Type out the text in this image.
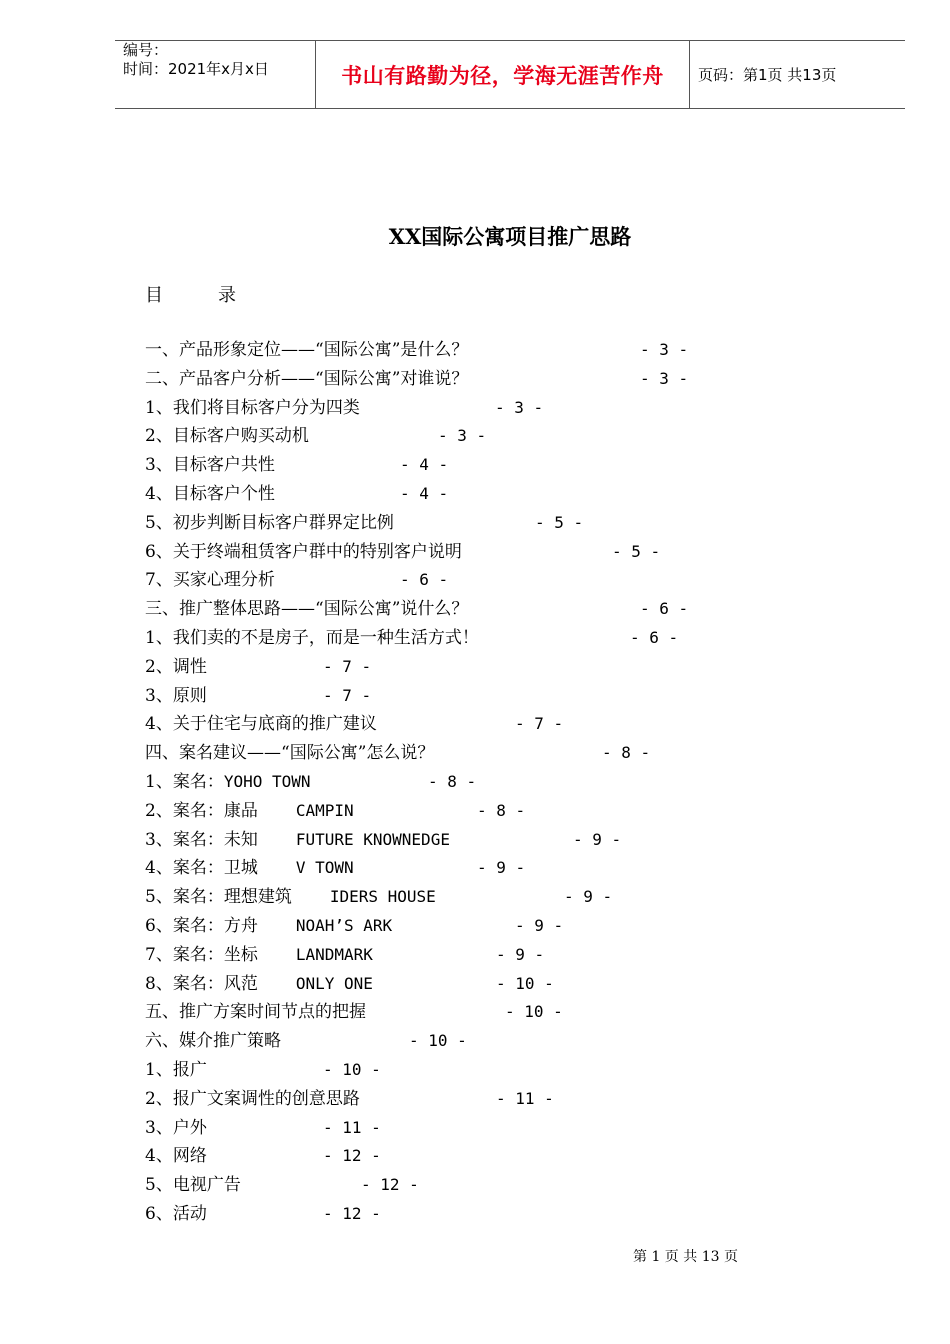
编号：
时间：2021年x月x日	书山有路勤为径，学海无涯苦作舟	页码：第1页 共13页
XX国际公寓项目推广思路
目	录
一、产品形象定位——“国际公寓”是什么？	- 3 -
二、产品客户分析——“国际公寓”对谁说？	- 3 -
1、我们将目标客户分为四类	- 3 -
2、目标客户购买动机	- 3 -
3、目标客户共性	- 4 -
4、目标客户个性	- 4 -
5、初步判断目标客户群界定比例	- 5 -
6、关于终端租赁客户群中的特别客户说明	- 5 -
7、买家心理分析	- 6 -
三、推广整体思路——“国际公寓”说什么？	- 6 -
1、我们卖的不是房子，而是一种生活方式！	- 6 -
2、调性	- 7 -
3、原则	- 7 -
4、关于住宅与底商的推广建议	- 7 -
四、案名建议——“国际公寓”怎么说？	- 8 -
1、案名：YOHO TOWN	- 8 -
2、案名：康品 CAMPIN	- 8 -
3、案名：未知 FUTURE KNOWNEDGE	- 9 -
4、案名：卫城 V TOWN	- 9 -
5、案名：理想建筑 IDERS HOUSE	- 9 -
6、案名：方舟 NOAH’S ARK	- 9 -
7、案名：坐标 LANDMARK	- 9 -
8、案名：风范 ONLY ONE	- 10 -
五、推广方案时间节点的把握	- 10 -
六、媒介推广策略	- 10 -
1、报广	- 10 -
2、报广文案调性的创意思路	- 11 -
3、户外	- 11 -
4、网络	- 12 -
5、电视广告	- 12 -
6、活动	- 12 -
第 1 页 共 13 页
